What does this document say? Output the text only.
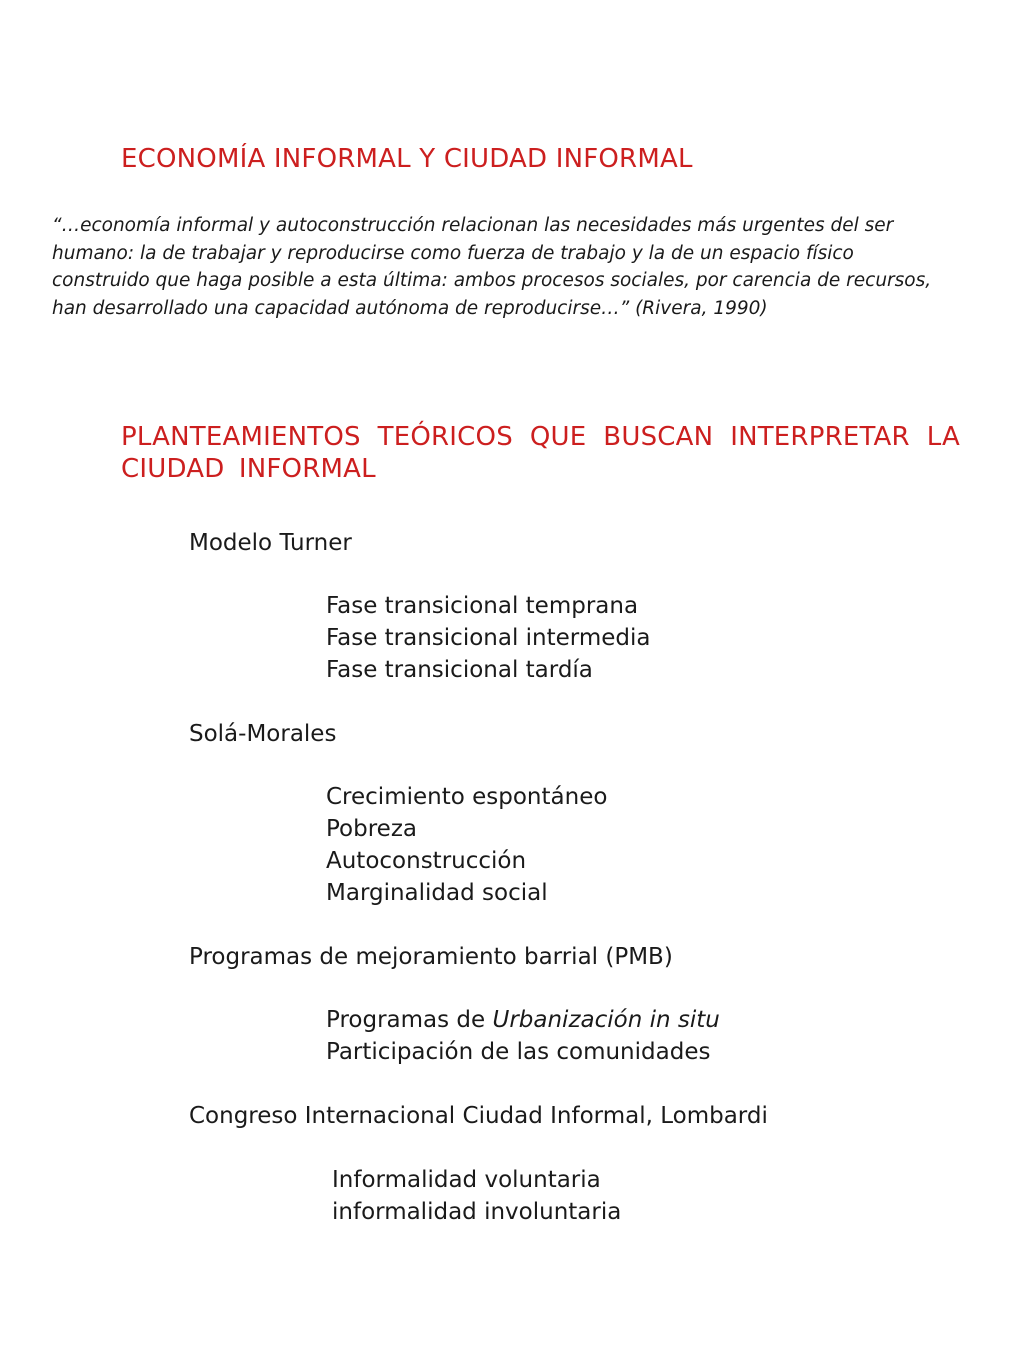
ECONOMÍA INFORMAL Y CIUDAD INFORMAL

“…economía informal y autoconstrucción relacionan las necesidades más urgentes del ser humano: la de trabajar y reproducirse como fuerza de trabajo y la de un espacio físico construido que haga posible a esta última: ambos procesos sociales, por carencia de recursos, han desarrollado una capacidad autónoma de reproducirse…” (Rivera, 1990)

PLANTEAMIENTOS TEÓRICOS QUE BUSCAN INTERPRETAR LA CIUDAD INFORMAL

Modelo Turner

Fase transicional temprana

Fase transicional intermedia

Fase transicional tardía

Solá-Morales

Crecimiento espontáneo

Pobreza

Autoconstrucción

Marginalidad social

Programas de mejoramiento barrial (PMB)

Programas de Urbanización in situ

Participación de las comunidades

Congreso Internacional Ciudad Informal, Lombardi

Informalidad voluntaria

informalidad involuntaria
